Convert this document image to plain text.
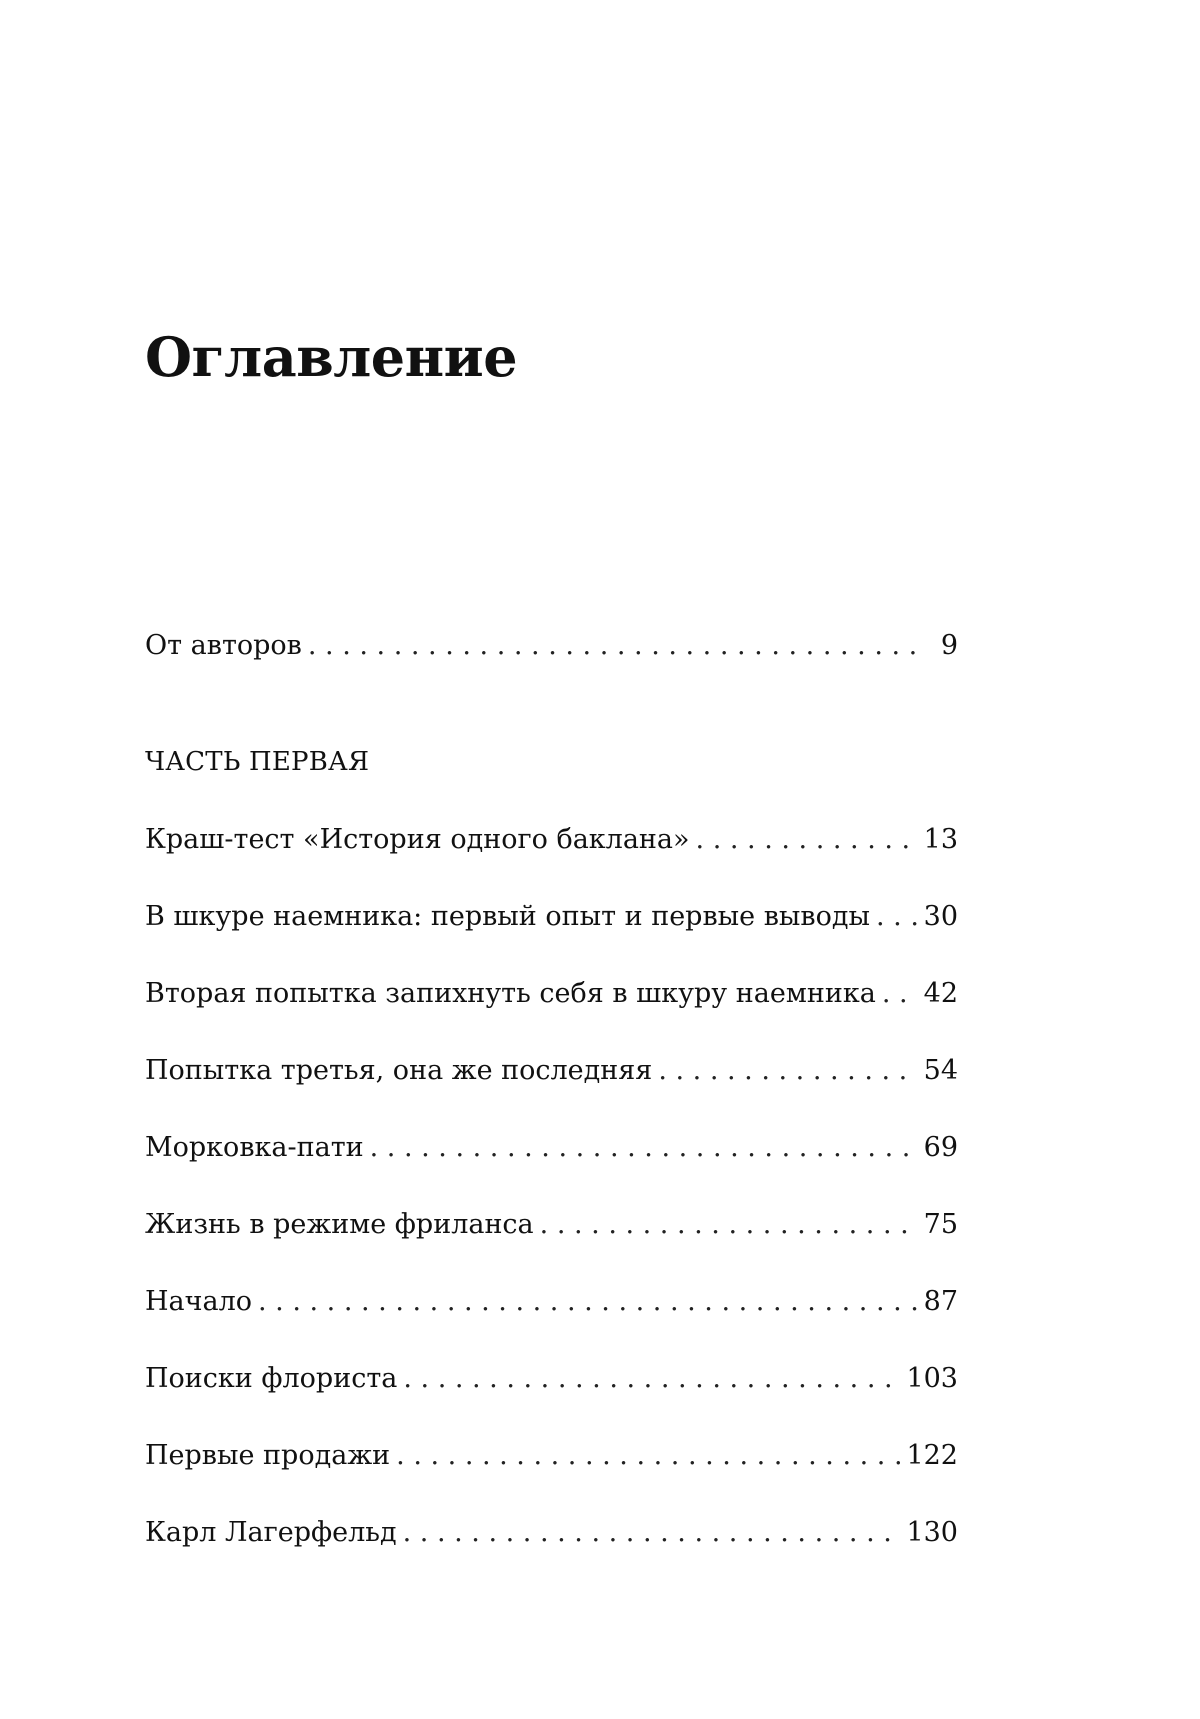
Оглавление
От авторов . . .	9
ЧАСТЬ ПЕРВАЯ
Краш-тест «История одного баклана» . . .	13
В шкуре наемника: первый опыт и первые выводы . . . 30
Вторая попытка запихнуть себя в шкуру наемника . . . 42
Попытка третья, она же последняя . . .	54
Морковка-пати . . .	69
Жизнь в режиме фриланса . . .	75
Начало . . .	87
Поиски флориста . . .	103
Первые продажи . . .	122
Карл Лагерфельд . . .	130
